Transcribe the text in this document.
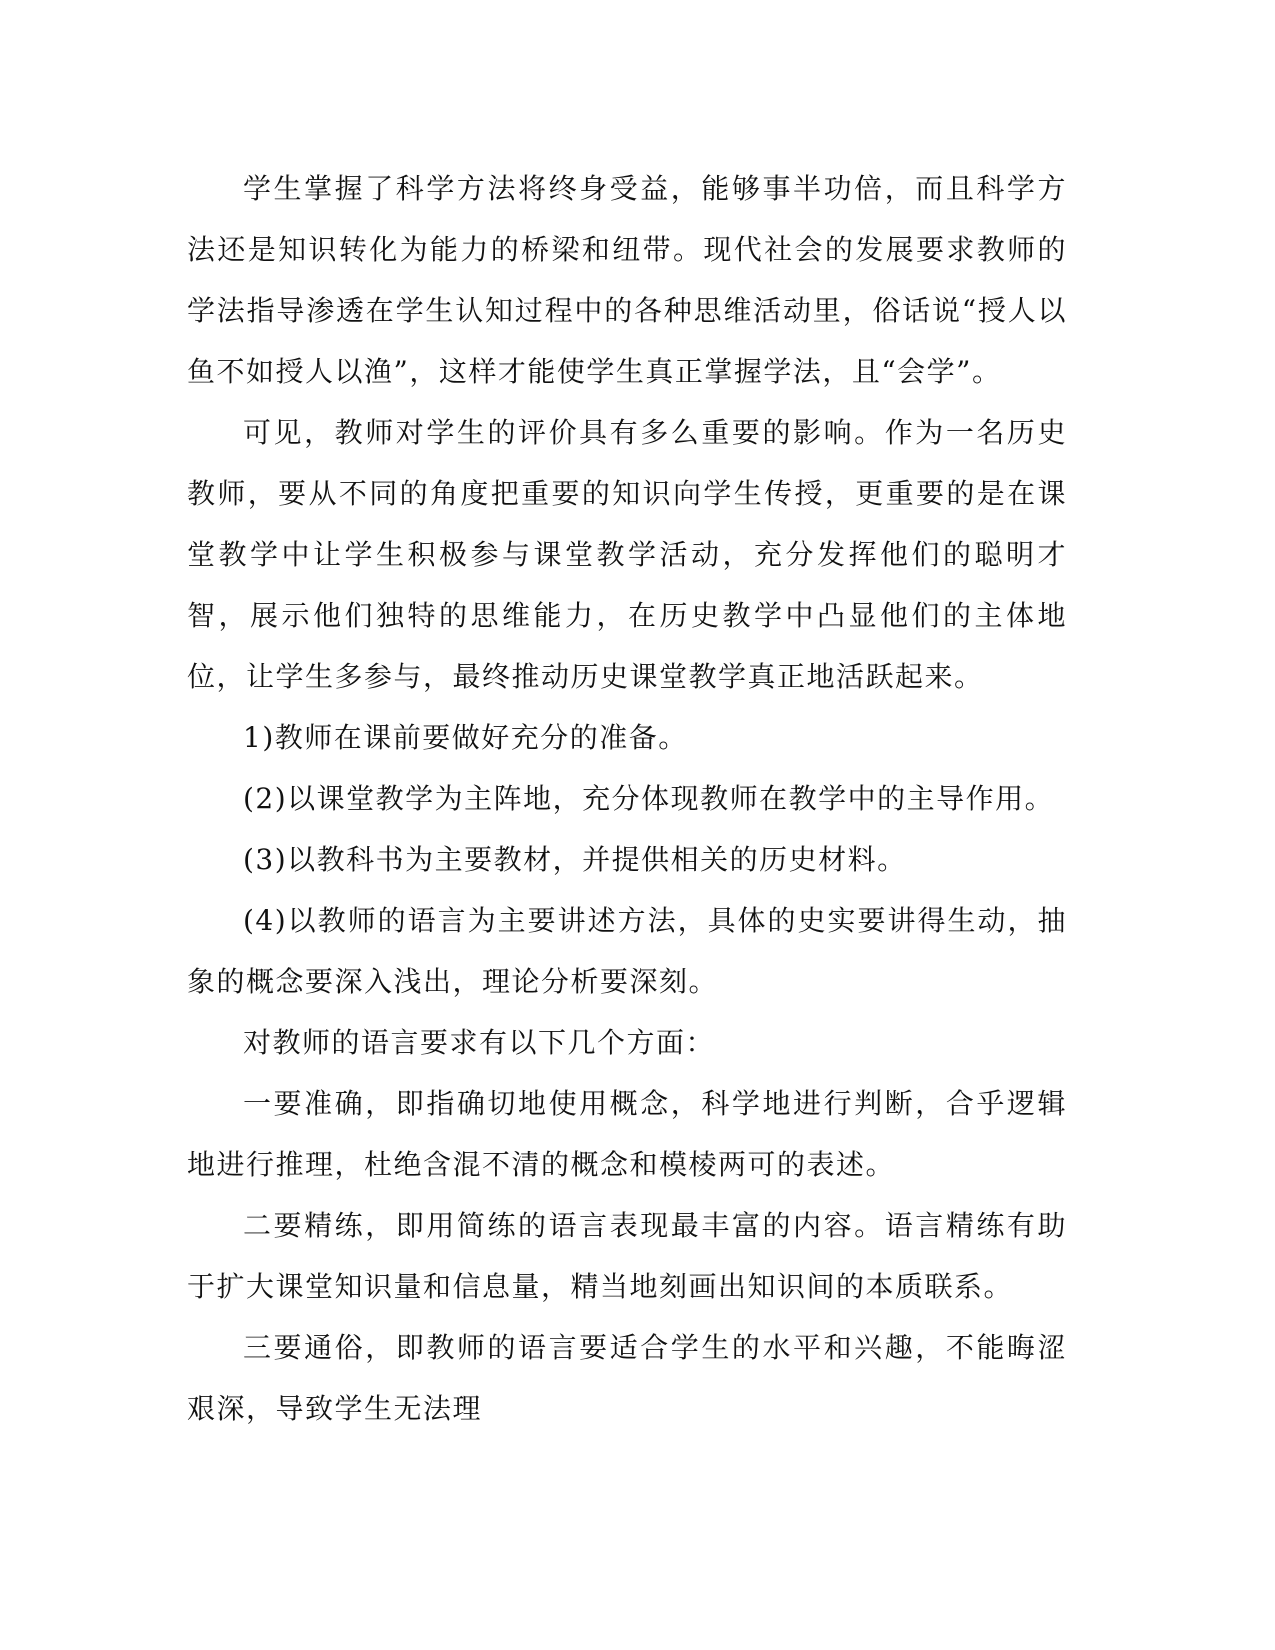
学生掌握了科学方法将终身受益，能够事半功倍，而且科学方法还是知识转化为能力的桥梁和纽带。现代社会的发展要求教师的学法指导渗透在学生认知过程中的各种思维活动里，俗话说“授人以鱼不如授人以渔”，这样才能使学生真正掌握学法，且“会学”。

可见，教师对学生的评价具有多么重要的影响。作为一名历史教师，要从不同的角度把重要的知识向学生传授，更重要的是在课堂教学中让学生积极参与课堂教学活动，充分发挥他们的聪明才智，展示他们独特的思维能力，在历史教学中凸显他们的主体地位，让学生多参与，最终推动历史课堂教学真正地活跃起来。

1)教师在课前要做好充分的准备。

(2)以课堂教学为主阵地，充分体现教师在教学中的主导作用。

(3)以教科书为主要教材，并提供相关的历史材料。

(4)以教师的语言为主要讲述方法，具体的史实要讲得生动，抽象的概念要深入浅出，理论分析要深刻。

对教师的语言要求有以下几个方面：

一要准确，即指确切地使用概念，科学地进行判断，合乎逻辑地进行推理，杜绝含混不清的概念和模棱两可的表述。

二要精练，即用简练的语言表现最丰富的内容。语言精练有助于扩大课堂知识量和信息量，精当地刻画出知识间的本质联系。

三要通俗，即教师的语言要适合学生的水平和兴趣，不能晦涩艰深，导致学生无法理
